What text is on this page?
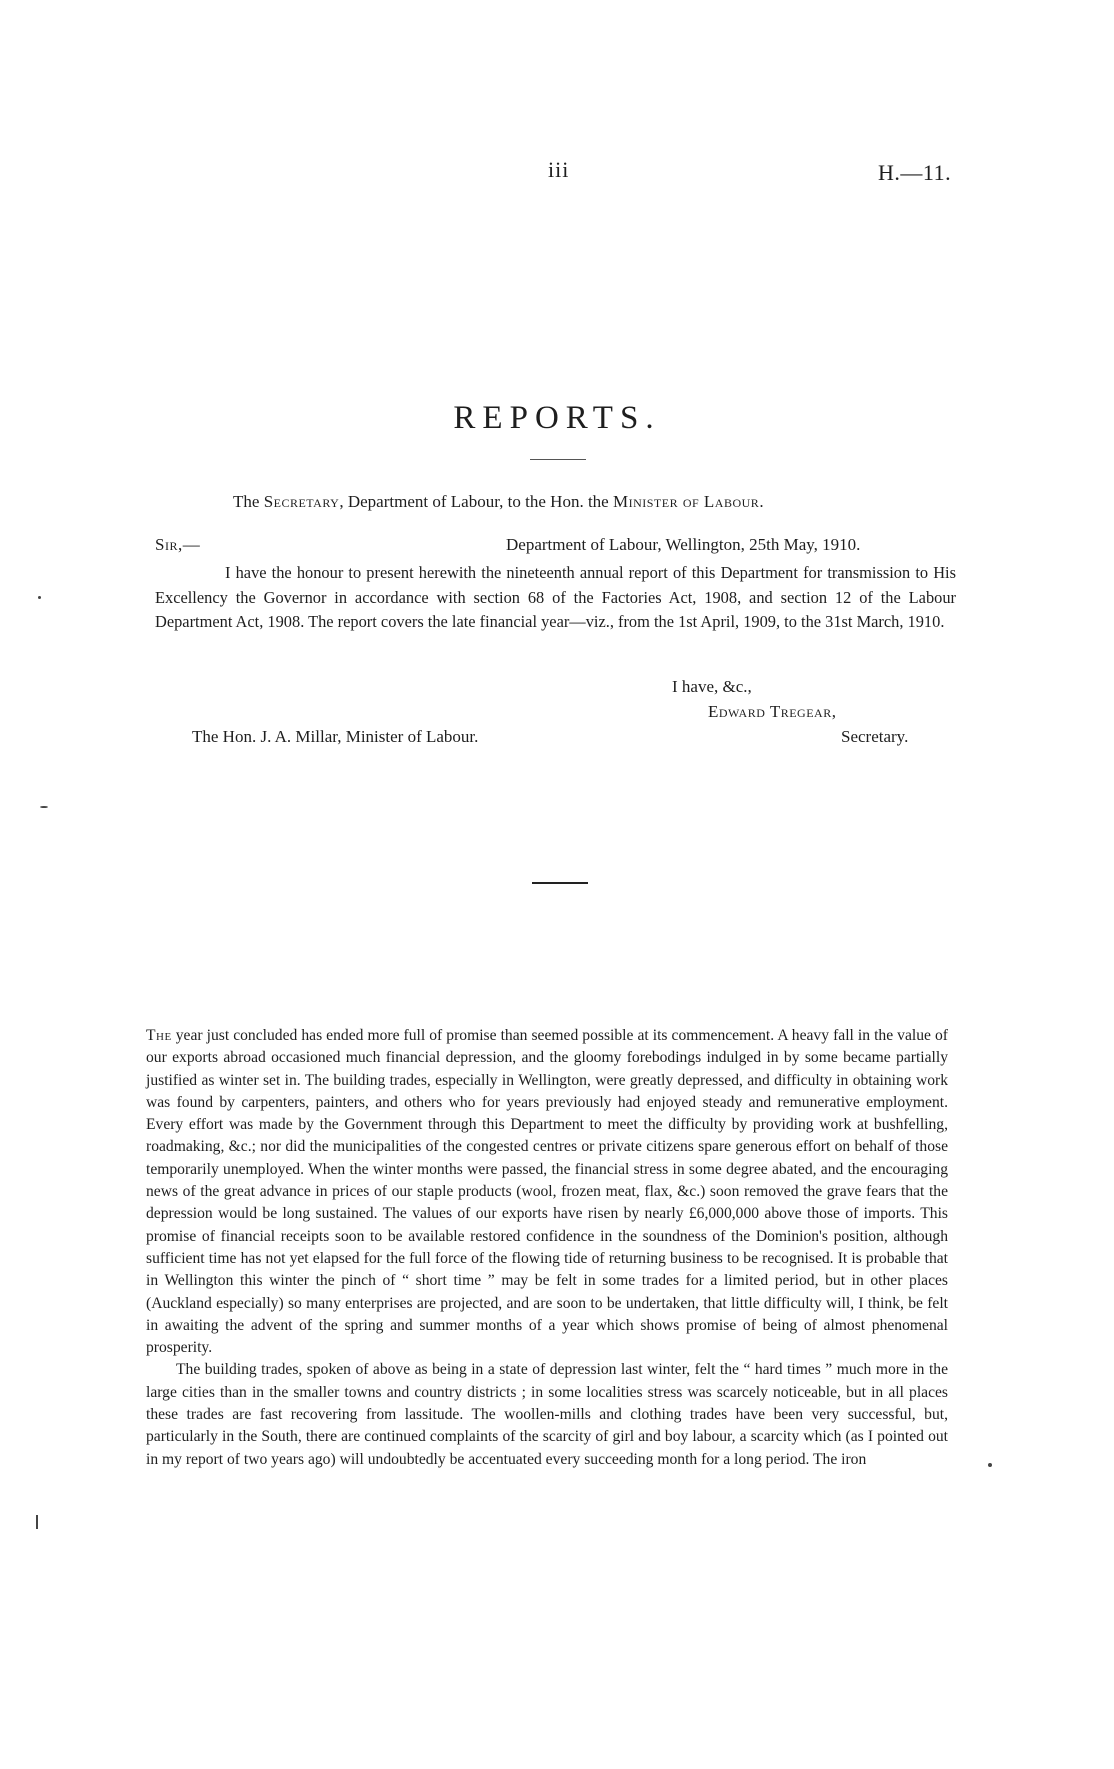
iii	H.—11.
REPORTS.
The Secretary, Department of Labour, to the Hon. the Minister of Labour.
Sir,—	Department of Labour, Wellington, 25th May, 1910.

I have the honour to present herewith the nineteenth annual report of this Department for transmission to His Excellency the Governor in accordance with section 68 of the Factories Act, 1908, and section 12 of the Labour Department Act, 1908. The report covers the late financial year—viz., from the 1st April, 1909, to the 31st March, 1910.

I have, &c.,
Edward Tregear,
Secretary.
The Hon. J. A. Millar, Minister of Labour.

The year just concluded has ended more full of promise than seemed possible at its commencement. A heavy fall in the value of our exports abroad occasioned much financial depression, and the gloomy forebodings indulged in by some became partially justified as winter set in. The building trades, especially in Wellington, were greatly depressed, and difficulty in obtaining work was found by carpenters, painters, and others who for years previously had enjoyed steady and remunerative employment. Every effort was made by the Government through this Department to meet the difficulty by providing work at bushfelling, roadmaking, &c.; nor did the municipalities of the congested centres or private citizens spare generous effort on behalf of those temporarily unemployed. When the winter months were passed, the financial stress in some degree abated, and the encouraging news of the great advance in prices of our staple products (wool, frozen meat, flax, &c.) soon removed the grave fears that the depression would be long sustained. The values of our exports have risen by nearly £6,000,000 above those of imports. This promise of financial receipts soon to be available restored confidence in the soundness of the Dominion's position, although sufficient time has not yet elapsed for the full force of the flowing tide of returning business to be recognised. It is probable that in Wellington this winter the pinch of “ short time ” may be felt in some trades for a limited period, but in other places (Auckland especially) so many enterprises are projected, and are soon to be undertaken, that little difficulty will, I think, be felt in awaiting the advent of the spring and summer months of a year which shows promise of being of almost phenomenal prosperity.

The building trades, spoken of above as being in a state of depression last winter, felt the “ hard times ” much more in the large cities than in the smaller towns and country districts ; in some localities stress was scarcely noticeable, but in all places these trades are fast recovering from lassitude. The woollen-mills and clothing trades have been very successful, but, particularly in the South, there are continued complaints of the scarcity of girl and boy labour, a scarcity which (as I pointed out in my report of two years ago) will undoubtedly be accentuated every succeeding month for a long period. The iron
